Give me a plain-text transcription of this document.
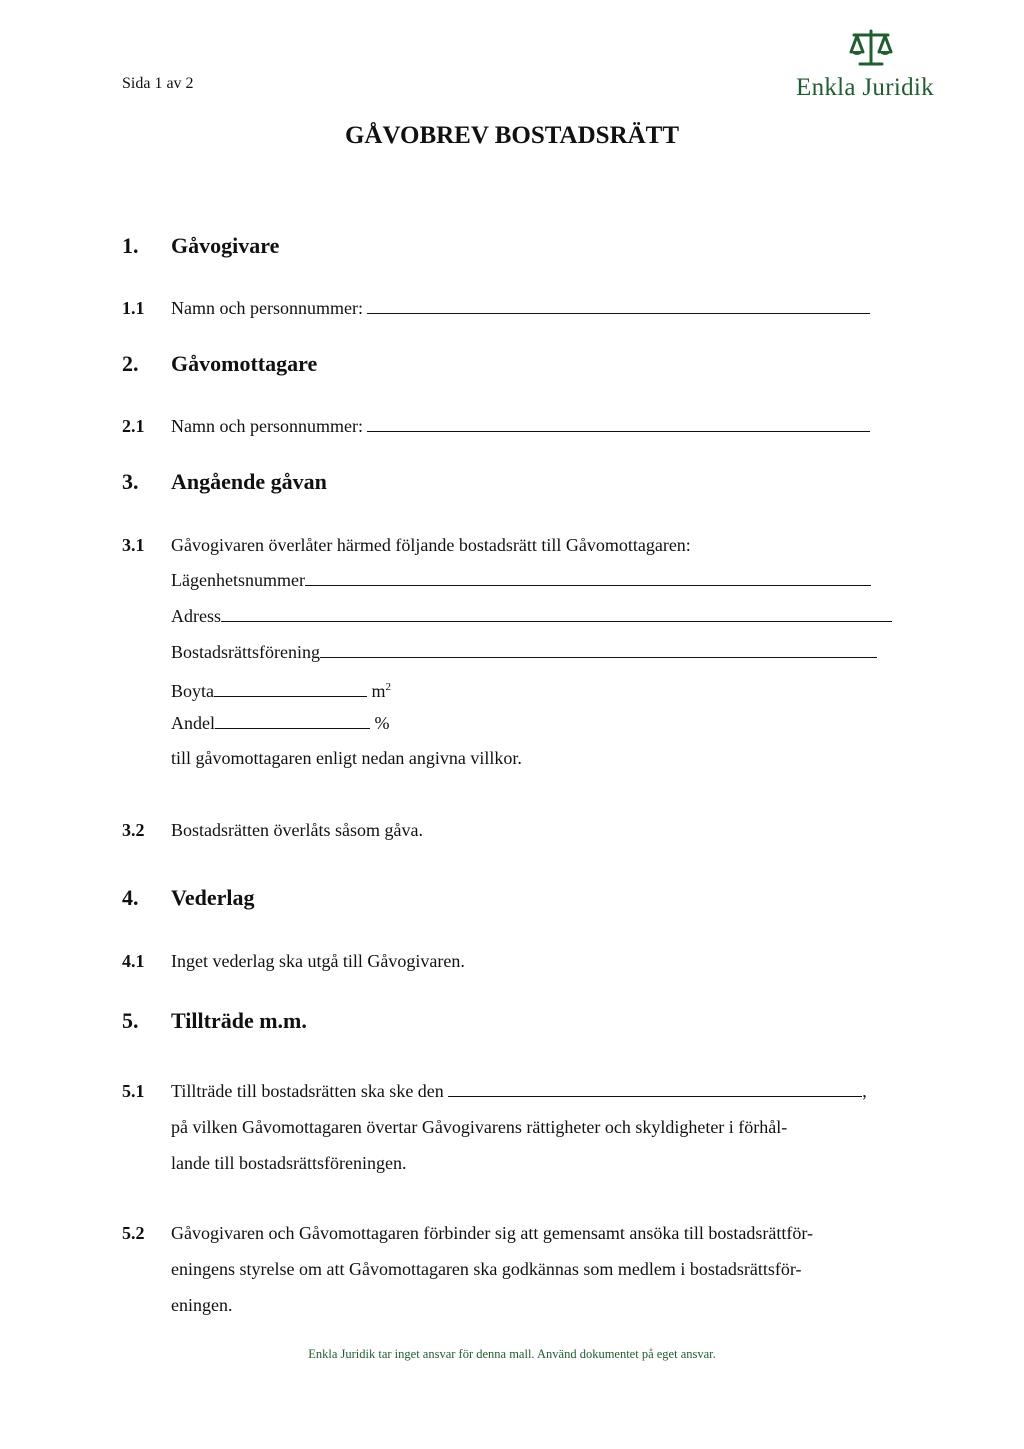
Sida 1 av 2	Enkla Juridik
GÅVOBREV BOSTADSRÄTT
1. Gåvogivare
1.1 Namn och personnummer:
2. Gåvomottagare
2.1 Namn och personnummer:
3. Angående gåvan
3.1 Gåvogivaren överlåter härmed följande bostadsrätt till Gåvomottagaren:
Lägenhetsnummer
Adress
Bostadsrättsförening
Boyta	$m^2$
Andel	%
till gåvomottagaren enligt nedan angivna villkor.
3.2 Bostadsrätten överlåts såsom gåva.
4. Vederlag
4.1 Inget vederlag ska utgå till Gåvogivaren.
5. Tillträde m.m.
5.1 Tillträde till bostadsrätten ska ske den	,
på vilken Gåvomottagaren övertar Gåvogivarens rättigheter och skyldigheter i förhål-
lande till bostadsrättsföreningen.
5.2 Gåvogivaren och Gåvomottagaren förbinder sig att gemensamt ansöka till bostadsrättför-
eningens styrelse om att Gåvomottagaren ska godkännas som medlem i bostadsrättsför-
eningen.
Enkla Juridik tar inget ansvar för denna mall. Använd dokumentet på eget ansvar.
